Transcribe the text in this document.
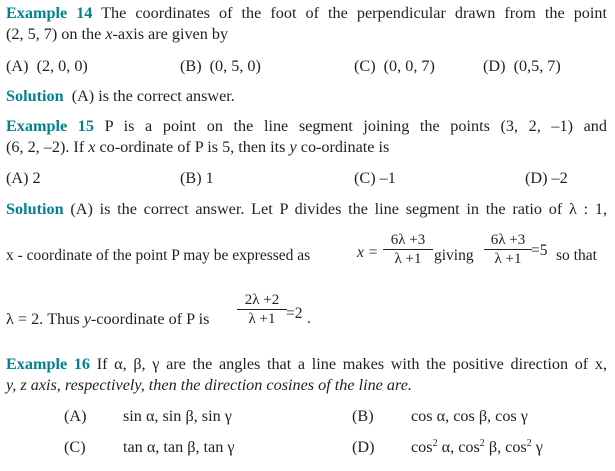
Example 14 The coordinates of the foot of the perpendicular drawn from the point
(2, 5, 7) on the x-axis are given by
(A) (2, 0, 0)	(B) (0, 5, 0)	(C) (0, 0, 7)	(D) (0,5, 7)
Solution (A) is the correct answer.
Example 15 P is a point on the line segment joining the points (3, 2, –1) and
(6, 2, –2). If x co-ordinate of P is 5, then its y co-ordinate is
(A) 2	(B) 1	(C) –1	(D) –2
Solution (A) is the correct answer. Let P divides the line segment in the ratio of λ : 1,
x - coordinate of the point P may be expressed as	$x = \frac{6\lambda +3}{\lambda +1}$ giving $\frac{6\lambda +3}{\lambda +1} =5$ so that
λ = 2. Thus y-coordinate of P is	$\frac{2\lambda +2}{\lambda +1} =2$ .
Example 16 If α, β, γ are the angles that a line makes with the positive direction of x,
y, z axis, respectively, then the direction cosines of the line are.
(A) sin α, sin β, sin γ	(B) cos α, cos β, cos γ
(C) tan α, tan β, tan γ	(D) $\cos^2 \alpha$, $\cos^2 \beta$, $\cos^2 \gamma$
